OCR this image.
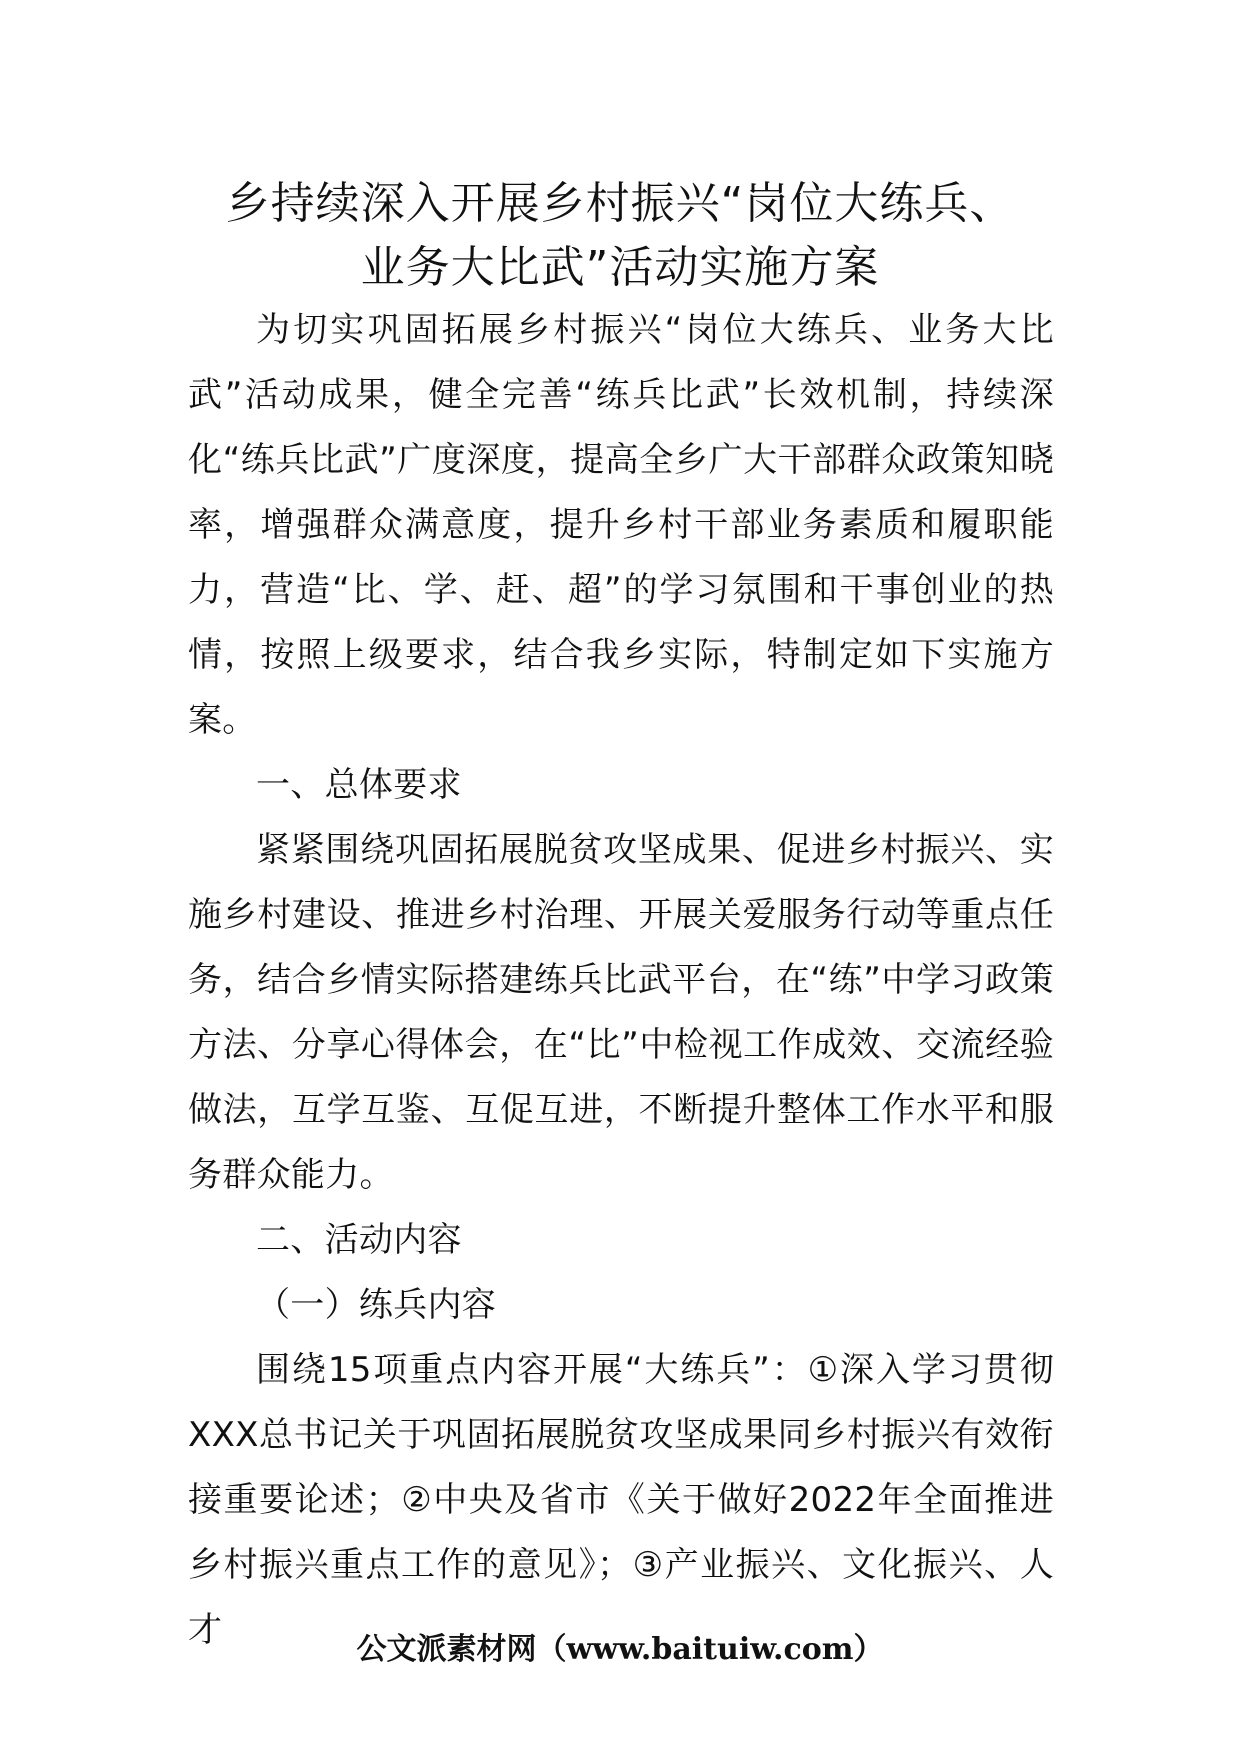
乡持续深入开展乡村振兴“岗位大练兵、
业务大比武”活动实施方案

为切实巩固拓展乡村振兴“岗位大练兵、业务大比武”活动成果，健全完善“练兵比武”长效机制，持续深化“练兵比武”广度深度，提高全乡广大干部群众政策知晓率，增强群众满意度，提升乡村干部业务素质和履职能力，营造“比、学、赶、超”的学习氛围和干事创业的热情，按照上级要求，结合我乡实际，特制定如下实施方案。

一、总体要求

紧紧围绕巩固拓展脱贫攻坚成果、促进乡村振兴、实施乡村建设、推进乡村治理、开展关爱服务行动等重点任务，结合乡情实际搭建练兵比武平台，在“练”中学习政策方法、分享心得体会，在“比”中检视工作成效、交流经验做法，互学互鉴、互促互进，不断提升整体工作水平和服务群众能力。

二、活动内容

（一）练兵内容

围绕15项重点内容开展“大练兵”：①深入学习贯彻XXX总书记关于巩固拓展脱贫攻坚成果同乡村振兴有效衔接重要论述；②中央及省市《关于做好2022年全面推进乡村振兴重点工作的意见》；③产业振兴、文化振兴、人才	公文派素材网（www.baituiw.com）
